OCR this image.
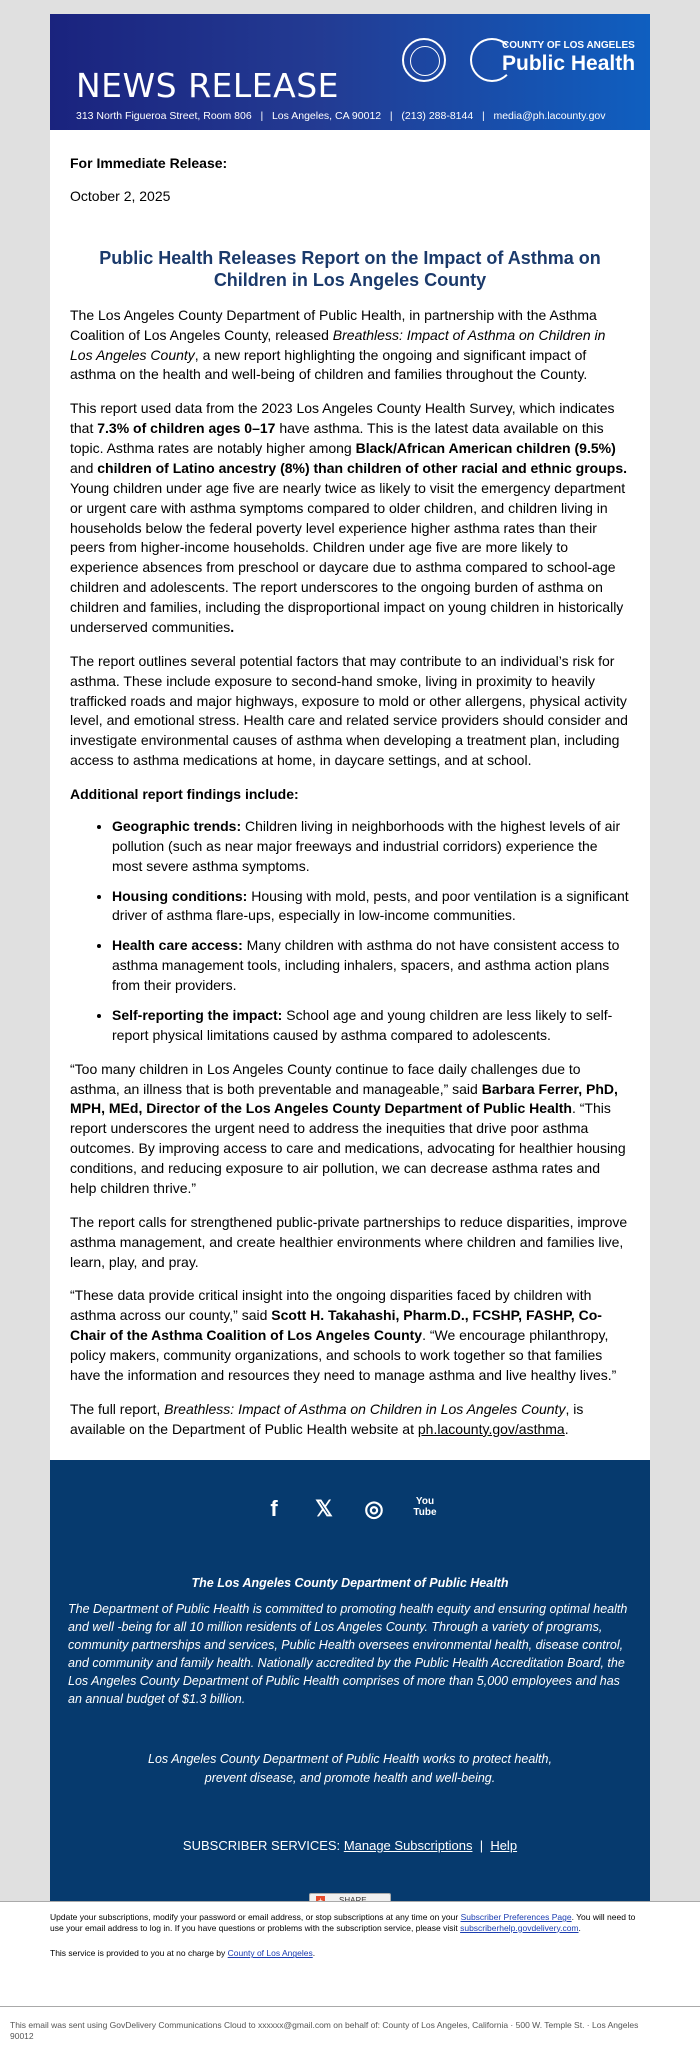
NEWS RELEASE
313 North Figueroa Street, Room 806 | Los Angeles, CA 90012 | (213) 288-8144 | media@ph.lacounty.gov
COUNTY OF LOS ANGELES
Public Health
For Immediate Release:
October 2, 2025
Public Health Releases Report on the Impact of Asthma on Children in Los Angeles County

The Los Angeles County Department of Public Health, in partnership with the Asthma Coalition of Los Angeles County, released Breathless: Impact of Asthma on Children in Los Angeles County, a new report highlighting the ongoing and significant impact of asthma on the health and well-being of children and families throughout the County.

This report used data from the 2023 Los Angeles County Health Survey, which indicates that 7.3% of children ages 0–17 have asthma. This is the latest data available on this topic. Asthma rates are notably higher among Black/African American children (9.5%) and children of Latino ancestry (8%) than children of other racial and ethnic groups. Young children under age five are nearly twice as likely to visit the emergency department or urgent care with asthma symptoms compared to older children, and children living in households below the federal poverty level experience higher asthma rates than their peers from higher-income households. Children under age five are more likely to experience absences from preschool or daycare due to asthma compared to school-age children and adolescents. The report underscores to the ongoing burden of asthma on children and families, including the disproportional impact on young children in historically underserved communities.

The report outlines several potential factors that may contribute to an individual’s risk for asthma. These include exposure to second-hand smoke, living in proximity to heavily trafficked roads and major highways, exposure to mold or other allergens, physical activity level, and emotional stress. Health care and related service providers should consider and investigate environmental causes of asthma when developing a treatment plan, including access to asthma medications at home, in daycare settings, and at school.

Additional report findings include:

• Geographic trends: Children living in neighborhoods with the highest levels of air pollution (such as near major freeways and industrial corridors) experience the most severe asthma symptoms.
• Housing conditions: Housing with mold, pests, and poor ventilation is a significant driver of asthma flare-ups, especially in low-income communities.
• Health care access: Many children with asthma do not have consistent access to asthma management tools, including inhalers, spacers, and asthma action plans from their providers.
• Self-reporting the impact: School age and young children are less likely to self-report physical limitations caused by asthma compared to adolescents.

“Too many children in Los Angeles County continue to face daily challenges due to asthma, an illness that is both preventable and manageable,” said Barbara Ferrer, PhD, MPH, MEd, Director of the Los Angeles County Department of Public Health. “This report underscores the urgent need to address the inequities that drive poor asthma outcomes. By improving access to care and medications, advocating for healthier housing conditions, and reducing exposure to air pollution, we can decrease asthma rates and help children thrive.”

The report calls for strengthened public-private partnerships to reduce disparities, improve asthma management, and create healthier environments where children and families live, learn, play, and pray.

“These data provide critical insight into the ongoing disparities faced by children with asthma across our county,” said Scott H. Takahashi, Pharm.D., FCSHP, FASHP, Co-Chair of the Asthma Coalition of Los Angeles County. “We encourage philanthropy, policy makers, community organizations, and schools to work together so that families have the information and resources they need to manage asthma and live healthy lives.”

The full report, Breathless: Impact of Asthma on Children in Los Angeles County, is available on the Department of Public Health website at ph.lacounty.gov/asthma.

f	𝕏 ◎	You
Tube
The Los Angeles County Department of Public Health
The Department of Public Health is committed to promoting health equity and ensuring optimal health and well -being for all 10 million residents of Los Angeles County. Through a variety of programs, community partnerships and services, Public Health oversees environmental health, disease control, and community and family health. Nationally accredited by the Public Health Accreditation Board, the Los Angeles County Department of Public Health comprises of more than 5,000 employees and has an annual budget of $1.3 billion.
Los Angeles County Department of Public Health works to protect health,
prevent disease, and promote health and well-being.
SUBSCRIBER SERVICES: Manage Subscriptions | Help
Update your subscriptions, modify your password or email address, or stop subscriptions at any time on your Subscriber Preferences Page. You will need to use your email address to log in. If you have questions or problems with the subscription service, please visit subscriberhelp.govdelivery.com.
This service is provided to you at no charge by County of Los Angeles.
This email was sent using GovDelivery Communications Cloud to xxxxxx@gmail.com on behalf of: County of Los Angeles, California · 500 W. Temple St. · Los Angeles 90012
